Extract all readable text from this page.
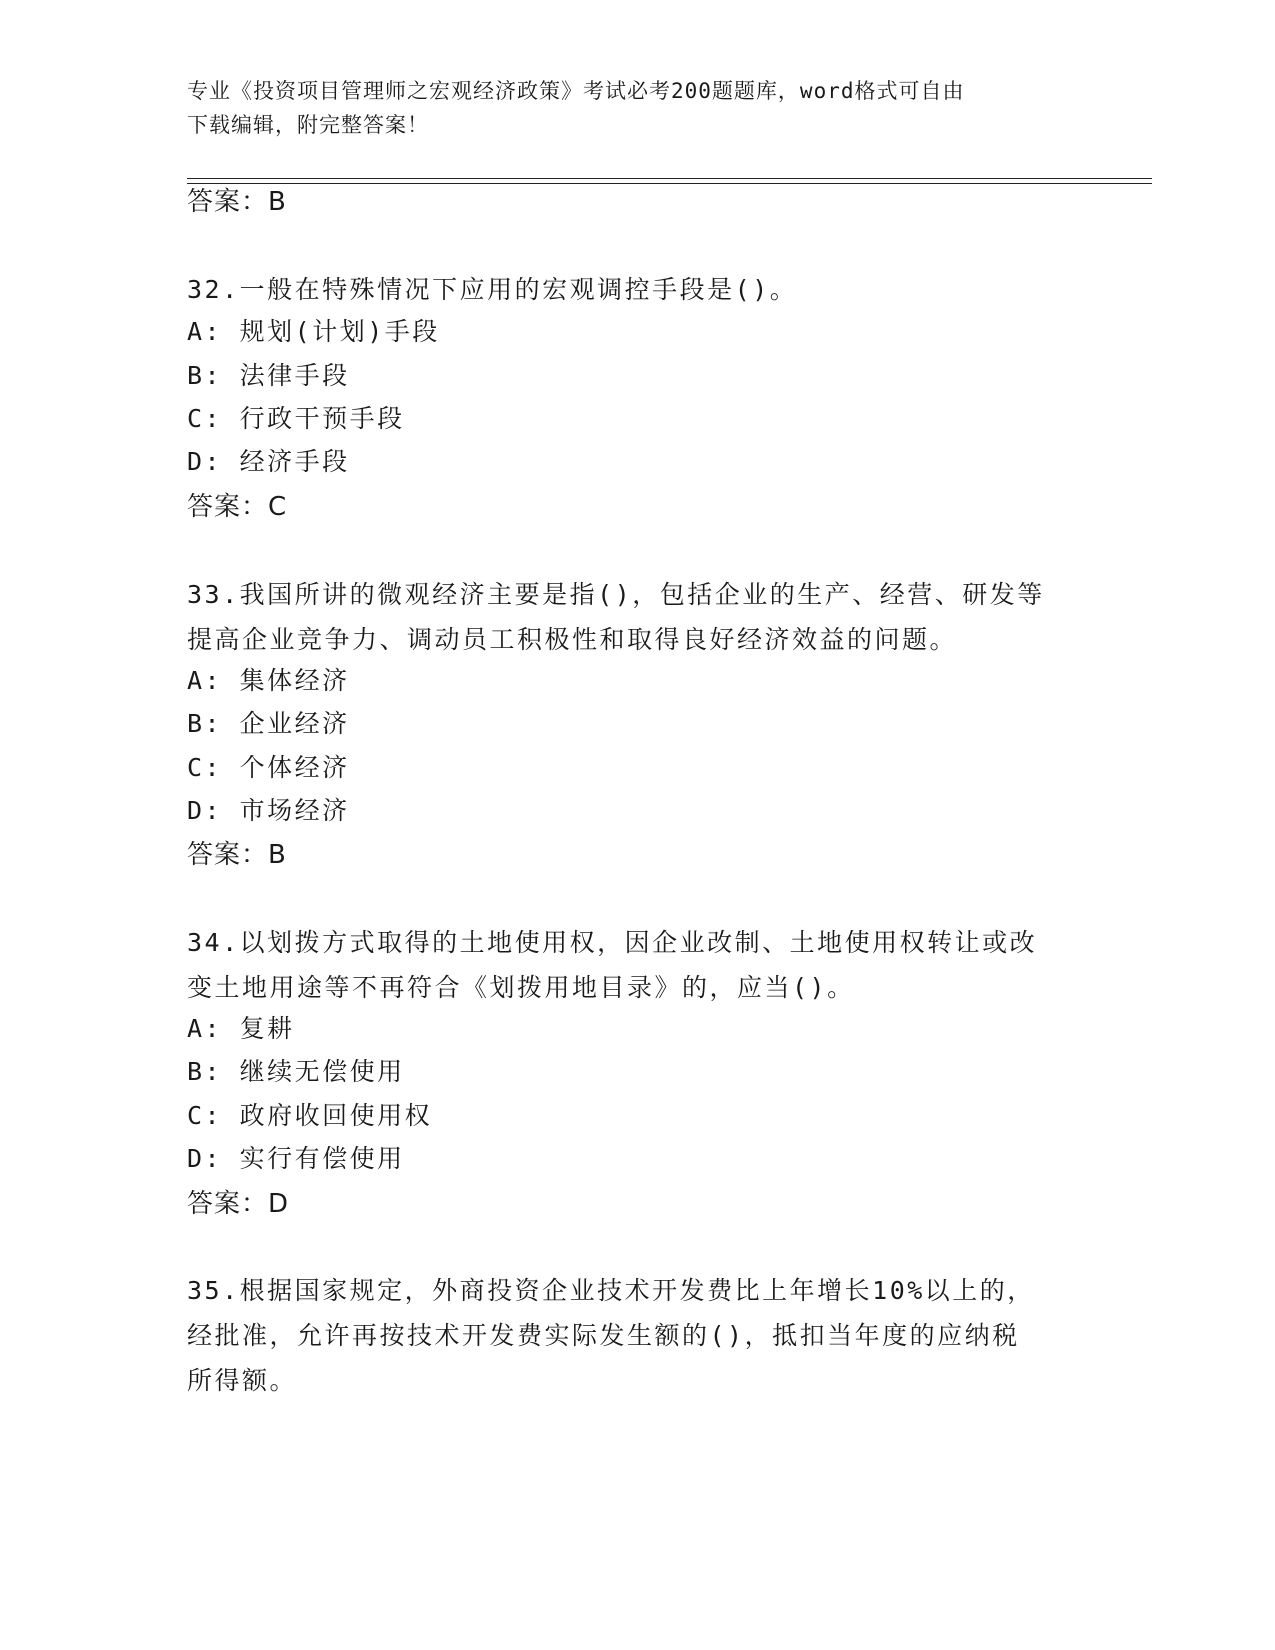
专业《投资项目管理师之宏观经济政策》考试必考200题题库，word格式可自由
下载编辑，附完整答案！
答案：B
32.一般在特殊情况下应用的宏观调控手段是()。
A: 规划(计划)手段
B: 法律手段
C: 行政干预手段
D: 经济手段
答案：C
33.我国所讲的微观经济主要是指()，包括企业的生产、经营、研发等
提高企业竞争力、调动员工积极性和取得良好经济效益的问题。
A: 集体经济
B: 企业经济
C: 个体经济
D: 市场经济
答案：B
34.以划拨方式取得的土地使用权，因企业改制、土地使用权转让或改
变土地用途等不再符合《划拨用地目录》的，应当()。
A: 复耕
B: 继续无偿使用
C: 政府收回使用权
D: 实行有偿使用
答案：D
35.根据国家规定，外商投资企业技术开发费比上年增长10%以上的，
经批准，允许再按技术开发费实际发生额的()，抵扣当年度的应纳税
所得额。
